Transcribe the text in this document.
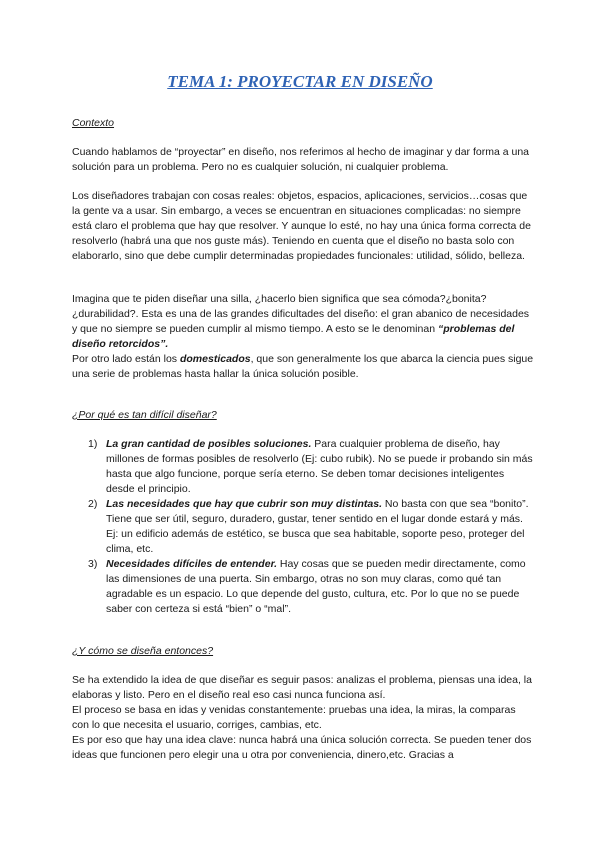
TEMA 1: PROYECTAR EN DISEÑO
Contexto

Cuando hablamos de “proyectar” en diseño, nos referimos al hecho de imaginar y dar forma a una solución para un problema. Pero no es cualquier solución, ni cualquier problema.

Los diseñadores trabajan con cosas reales: objetos, espacios, aplicaciones, servicios…cosas que la gente va a usar. Sin embargo, a veces se encuentran en situaciones complicadas: no siempre está claro el problema que hay que resolver. Y aunque lo esté, no hay una única forma correcta de resolverlo (habrá una que nos guste más). Teniendo en cuenta que el diseño no basta solo con elaborarlo, sino que debe cumplir determinadas propiedades funcionales: utilidad, sólido, belleza.

Imagina que te piden diseñar una silla, ¿hacerlo bien significa que sea cómoda?¿bonita?¿durabilidad?. Esta es una de las grandes dificultades del diseño: el gran abanico de necesidades y que no siempre se pueden cumplir al mismo tiempo. A esto se le denominan “problemas del diseño retorcidos”.

Por otro lado están los domesticados, que son generalmente los que abarca la ciencia pues sigue una serie de problemas hasta hallar la única solución posible.

¿Por qué es tan difícil diseñar?
1) La gran cantidad de posibles soluciones. Para cualquier problema de diseño, hay millones de formas posibles de resolverlo (Ej: cubo rubik). No se puede ir probando sin más hasta que algo funcione, porque sería eterno. Se deben tomar decisiones inteligentes desde el principio.
2) Las necesidades que hay que cubrir son muy distintas. No basta con que sea “bonito”. Tiene que ser útil, seguro, duradero, gustar, tener sentido en el lugar donde estará y más. Ej: un edificio además de estético, se busca que sea habitable, soporte peso, proteger del clima, etc.
3) Necesidades difíciles de entender. Hay cosas que se pueden medir directamente, como las dimensiones de una puerta. Sin embargo, otras no son muy claras, como qué tan agradable es un espacio. Lo que depende del gusto, cultura, etc. Por lo que no se puede saber con certeza si está “bien” o “mal”.
¿Y cómo se diseña entonces?

Se ha extendido la idea de que diseñar es seguir pasos: analizas el problema, piensas una idea, la elaboras y listo. Pero en el diseño real eso casi nunca funciona así.

El proceso se basa en idas y venidas constantemente: pruebas una idea, la miras, la comparas con lo que necesita el usuario, corriges, cambias, etc.

Es por eso que hay una idea clave: nunca habrá una única solución correcta. Se pueden tener dos ideas que funcionen pero elegir una u otra por conveniencia, dinero,etc. Gracias a
